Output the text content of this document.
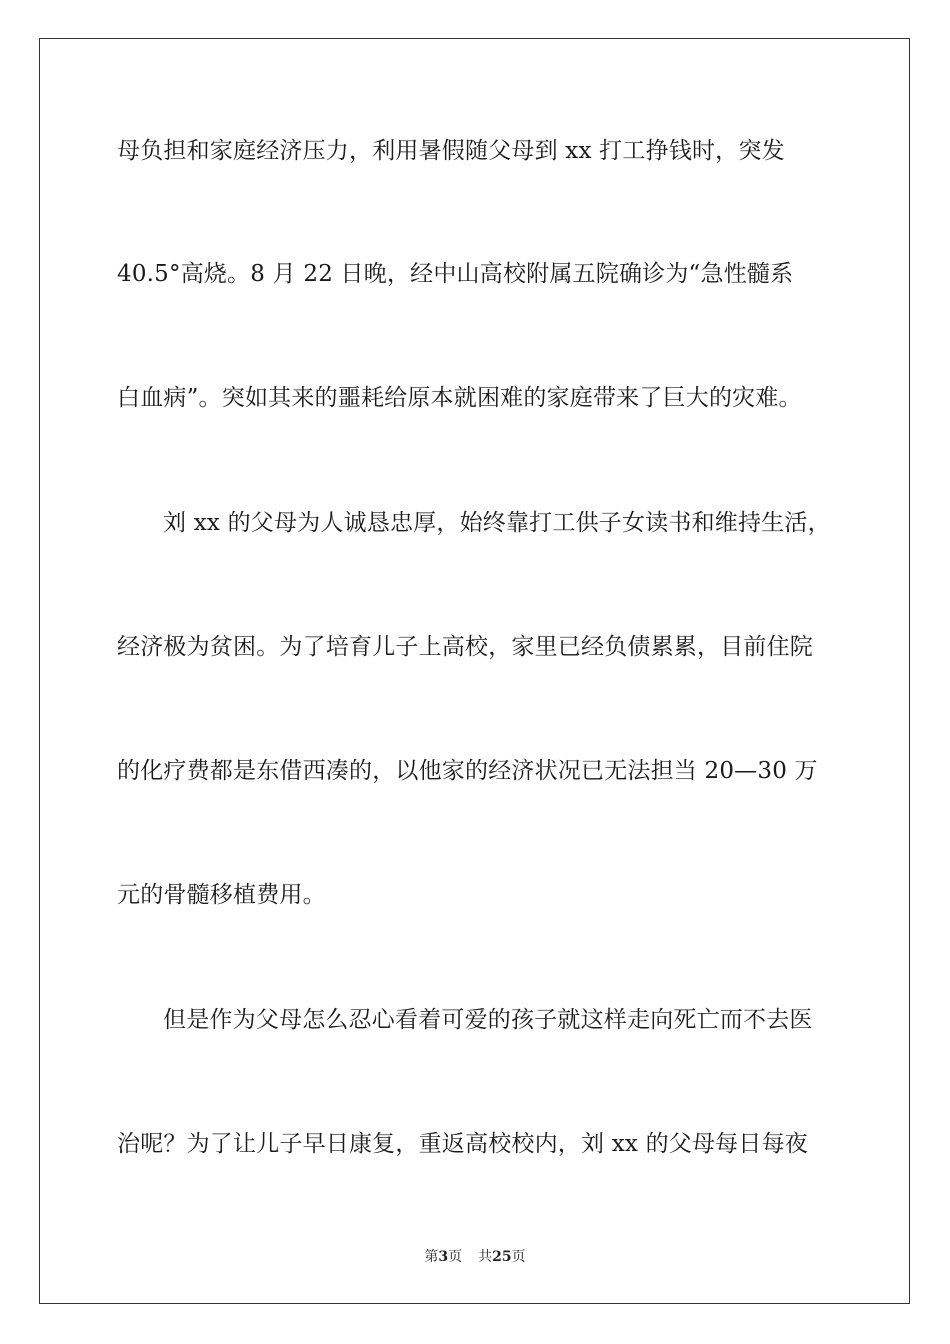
母负担和家庭经济压力，利用暑假随父母到 xx 打工挣钱时，突发
40.5°高烧。8 月 22 日晚，经中山高校附属五院确诊为“急性髓系
白血病”。突如其来的噩耗给原本就困难的家庭带来了巨大的灾难。
刘 xx 的父母为人诚恳忠厚，始终靠打工供子女读书和维持生活，
经济极为贫困。为了培育儿子上高校，家里已经负债累累，目前住院
的化疗费都是东借西凑的，以他家的经济状况已无法担当 20—30 万
元的骨髓移植费用。
但是作为父母怎么忍心看着可爱的孩子就这样走向死亡而不去医
治呢？为了让儿子早日康复，重返高校校内，刘 xx 的父母每日每夜
第3页 共25页
